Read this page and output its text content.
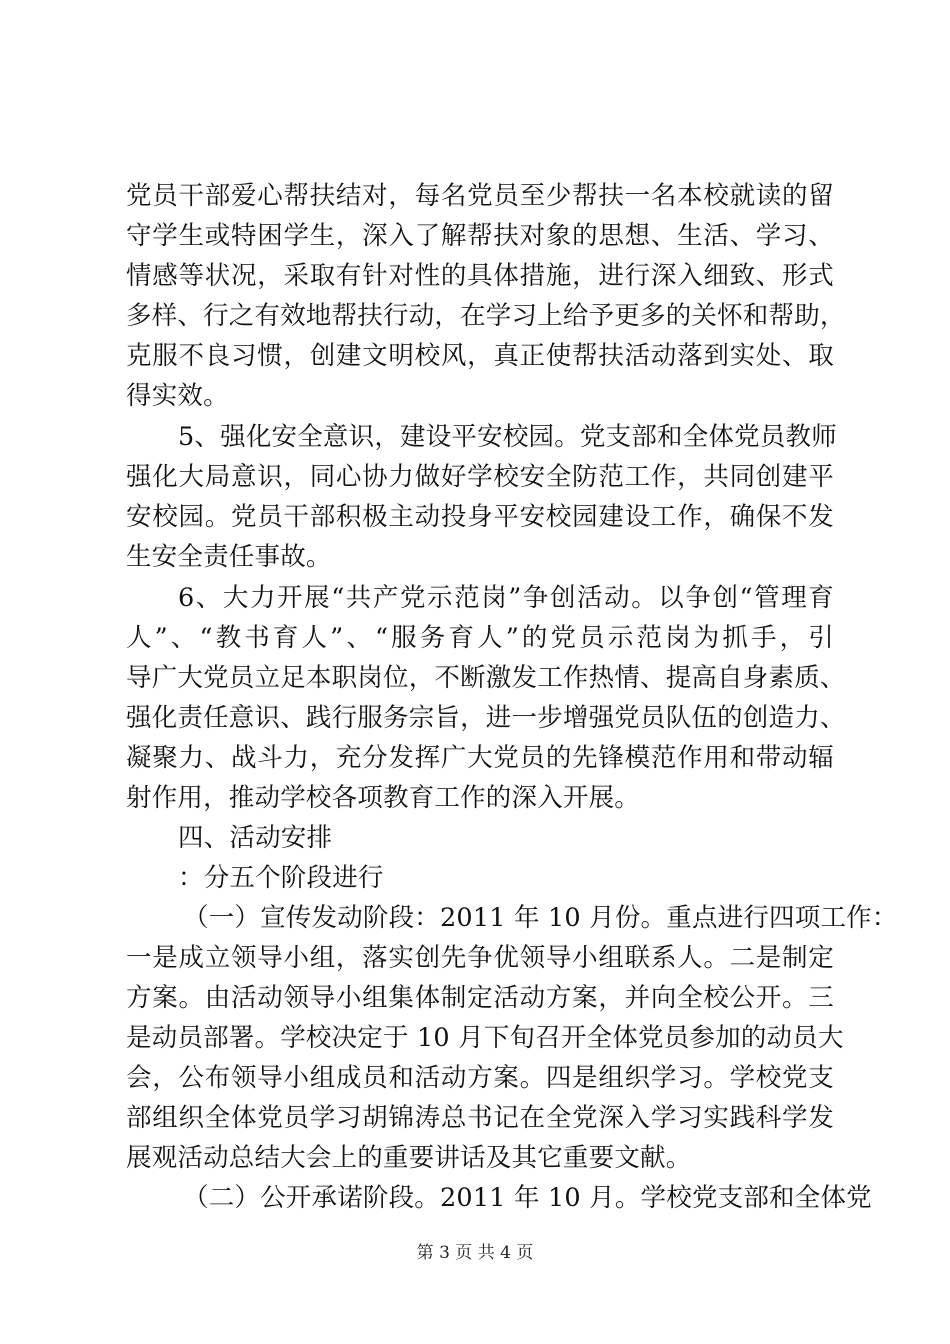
党员干部爱心帮扶结对，每名党员至少帮扶一名本校就读的留
守学生或特困学生，深入了解帮扶对象的思想、生活、学习、
情感等状况，采取有针对性的具体措施，进行深入细致、形式
多样、行之有效地帮扶行动，在学习上给予更多的关怀和帮助，
克服不良习惯，创建文明校风，真正使帮扶活动落到实处、取
得实效。
5、强化安全意识，建设平安校园。党支部和全体党员教师
强化大局意识，同心协力做好学校安全防范工作，共同创建平
安校园。党员干部积极主动投身平安校园建设工作，确保不发
生安全责任事故。
6、大力开展“共产党示范岗”争创活动。以争创“管理育
人”、“教书育人”、“服务育人”的党员示范岗为抓手，引
导广大党员立足本职岗位，不断激发工作热情、提高自身素质、
强化责任意识、践行服务宗旨，进一步增强党员队伍的创造力、
凝聚力、战斗力，充分发挥广大党员的先锋模范作用和带动辐
射作用，推动学校各项教育工作的深入开展。
四、活动安排
：分五个阶段进行
（一）宣传发动阶段：2011 年 10 月份。重点进行四项工作：
一是成立领导小组，落实创先争优领导小组联系人。二是制定
方案。由活动领导小组集体制定活动方案，并向全校公开。三
是动员部署。学校决定于 10 月下旬召开全体党员参加的动员大
会，公布领导小组成员和活动方案。四是组织学习。学校党支
部组织全体党员学习胡锦涛总书记在全党深入学习实践科学发
展观活动总结大会上的重要讲话及其它重要文献。
（二）公开承诺阶段。2011 年 10 月。学校党支部和全体党
第 3 页 共 4 页
